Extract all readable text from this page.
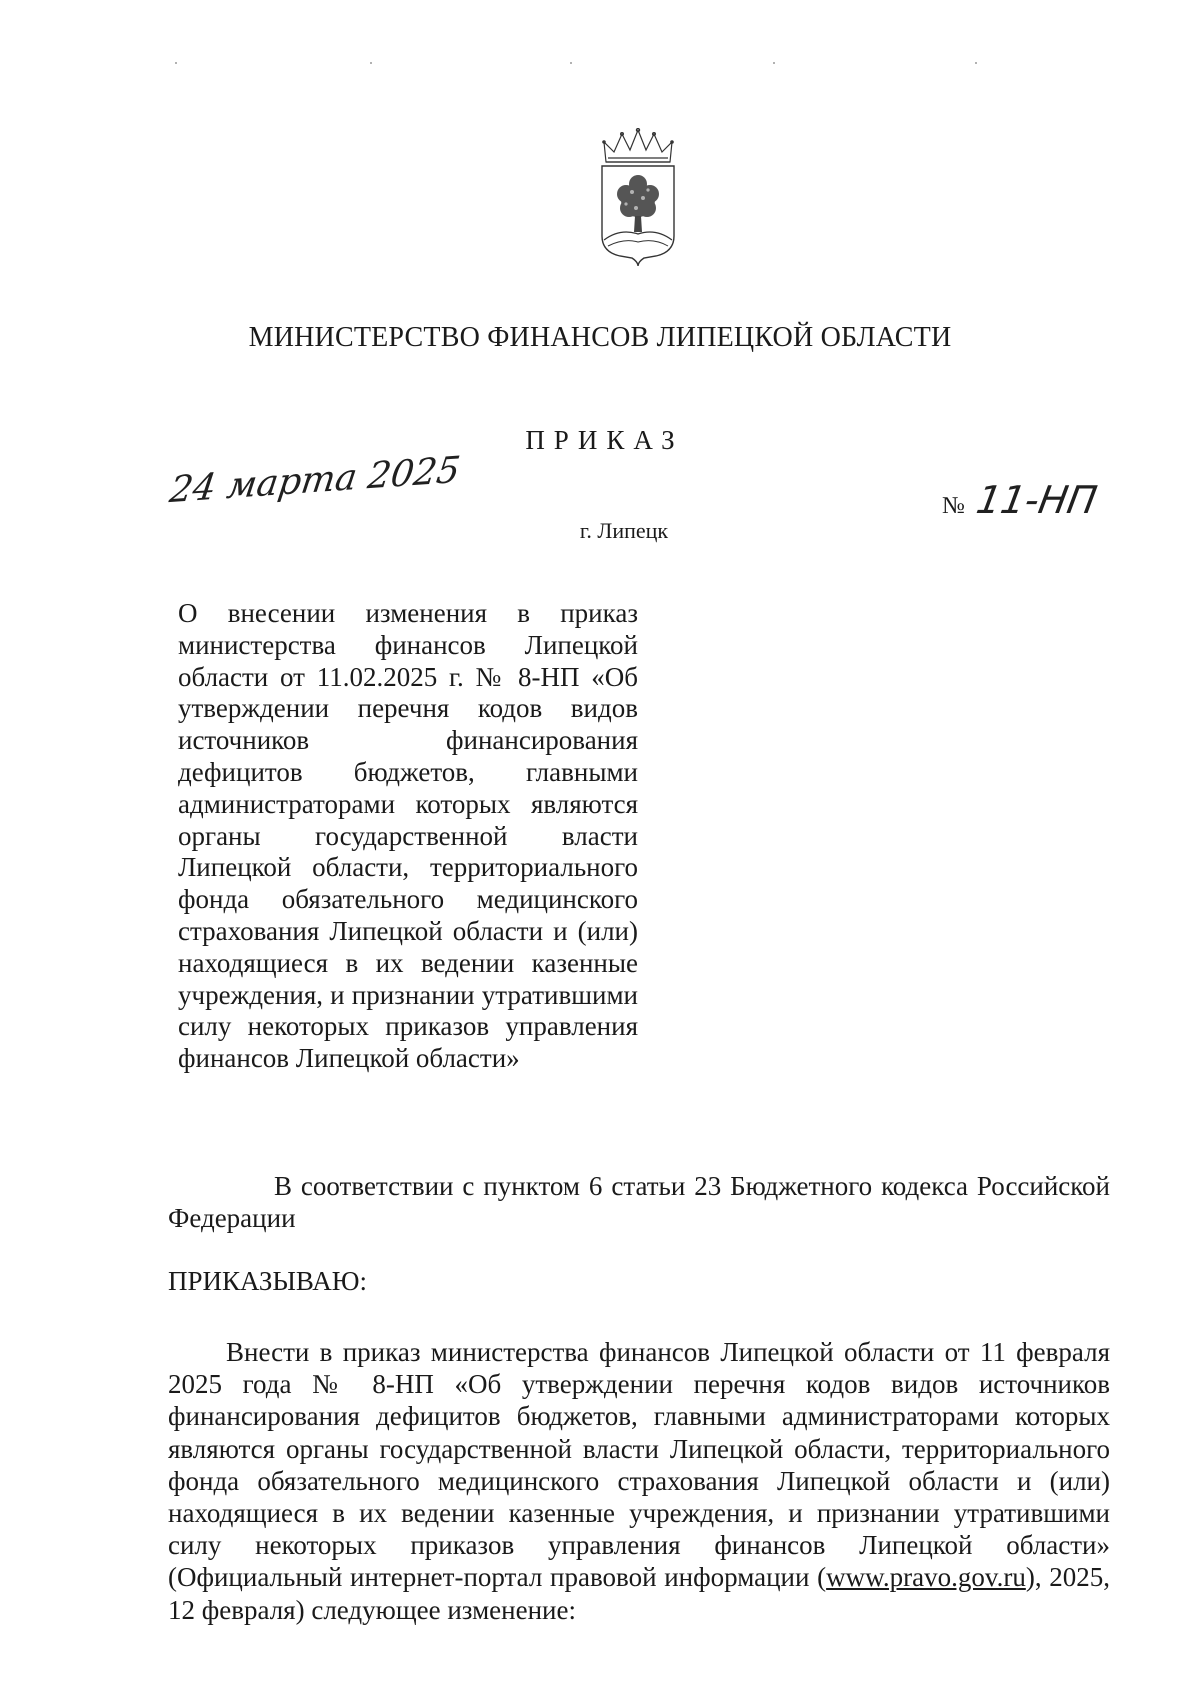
МИНИСТЕРСТВО ФИНАНСОВ ЛИПЕЦКОЙ ОБЛАСТИ
ПРИКАЗ
24 марта 2025	№ 11-НП
г. Липецк

О внесении изменения в приказ министерства финансов Липецкой области от 11.02.2025 г. № 8-НП «Об утверждении перечня кодов видов источников финансирования дефицитов бюджетов, главными администраторами которых являются органы государственной власти Липецкой области, территориального фонда обязательного медицинского страхования Липецкой области и (или) находящиеся в их ведении казенные учреждения, и признании утратившими силу некоторых приказов управления финансов Липецкой области»

В соответствии с пунктом 6 статьи 23 Бюджетного кодекса Российской Федерации

ПРИКАЗЫВАЮ:

Внести в приказ министерства финансов Липецкой области от 11 февраля 2025 года № 8-НП «Об утверждении перечня кодов видов источников финансирования дефицитов бюджетов, главными администраторами которых являются органы государственной власти Липецкой области, территориального фонда обязательного медицинского страхования Липецкой области и (или) находящиеся в их ведении казенные учреждения, и признании утратившими силу некоторых приказов управления финансов Липецкой области» (Официальный интернет-портал правовой информации (www.pravo.gov.ru), 2025, 12 февраля) следующее изменение:
